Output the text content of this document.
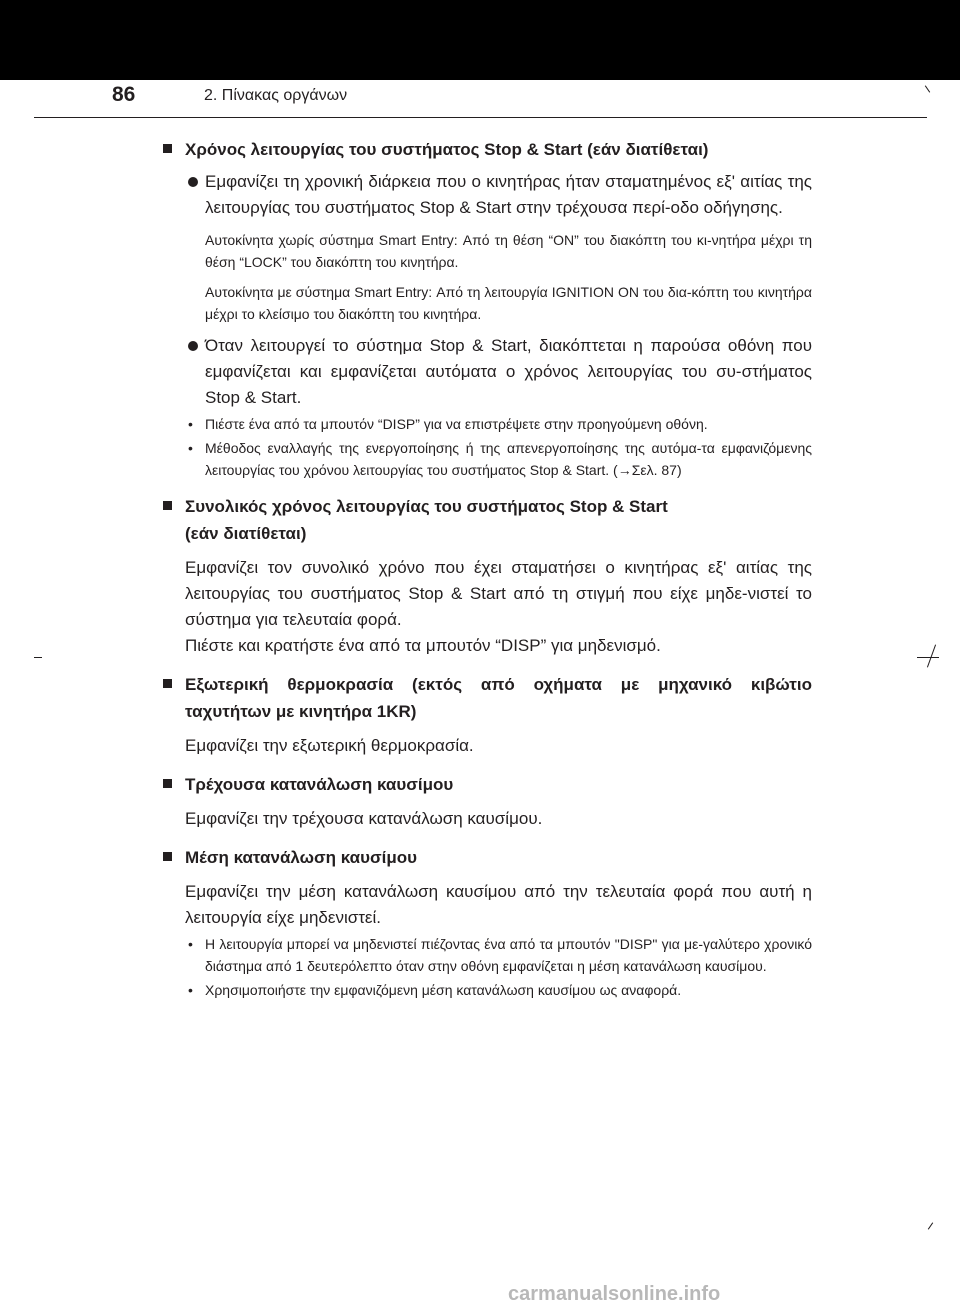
86	2. Πίνακας οργάνων
Χρόνος λειτουργίας του συστήματος Stop & Start (εάν διατίθεται)
Εμφανίζει τη χρονική διάρκεια που ο κινητήρας ήταν σταματημένος εξ' αιτίας της λειτουργίας του συστήματος Stop & Start στην τρέχουσα περί-οδο οδήγησης.
Αυτοκίνητα χωρίς σύστημα Smart Entry: Από τη θέση “ON” του διακόπτη του κι-νητήρα μέχρι τη θέση “LOCK” του διακόπτη του κινητήρα.
Αυτοκίνητα με σύστημα Smart Entry: Από τη λειτουργία IGNITION ON του δια-κόπτη του κινητήρα μέχρι το κλείσιμο του διακόπτη του κινητήρα.
Όταν λειτουργεί το σύστημα Stop & Start, διακόπτεται η παρούσα οθόνη που εμφανίζεται και εμφανίζεται αυτόματα ο χρόνος λειτουργίας του συ-στήματος Stop & Start.
• Πιέστε ένα από τα μπουτόν “DISP” για να επιστρέψετε στην προηγούμενη οθόνη.
• Μέθοδος εναλλαγής της ενεργοποίησης ή της απενεργοποίησης της αυτόμα-τα εμφανιζόμενης λειτουργίας του χρόνου λειτουργίας του συστήματος Stop & Start. (→Σελ. 87)
Συνολικός χρόνος λειτουργίας του συστήματος Stop & Start
(εάν διατίθεται)
Εμφανίζει τον συνολικό χρόνο που έχει σταματήσει ο κινητήρας εξ' αιτίας της λειτουργίας του συστήματος Stop & Start από τη στιγμή που είχε μηδε-νιστεί το σύστημα για τελευταία φορά.
Πιέστε και κρατήστε ένα από τα μπουτόν “DISP” για μηδενισμό.
Εξωτερική θερμοκρασία (εκτός από οχήματα με μηχανικό κιβώτιο
ταχυτήτων με κινητήρα 1KR)
Εμφανίζει την εξωτερική θερμοκρασία.
Τρέχουσα κατανάλωση καυσίμου
Εμφανίζει την τρέχουσα κατανάλωση καυσίμου.
Μέση κατανάλωση καυσίμου
Εμφανίζει την μέση κατανάλωση καυσίμου από την τελευταία φορά που αυτή η λειτουργία είχε μηδενιστεί.
• Η λειτουργία μπορεί να μηδενιστεί πιέζοντας ένα από τα μπουτόν "DISP" για με-γαλύτερο χρονικό διάστημα από 1 δευτερόλεπτο όταν στην οθόνη εμφανίζεται η μέση κατανάλωση καυσίμου.
• Χρησιμοποιήστε την εμφανιζόμενη μέση κατανάλωση καυσίμου ως αναφορά.
carmanualsonline.info
